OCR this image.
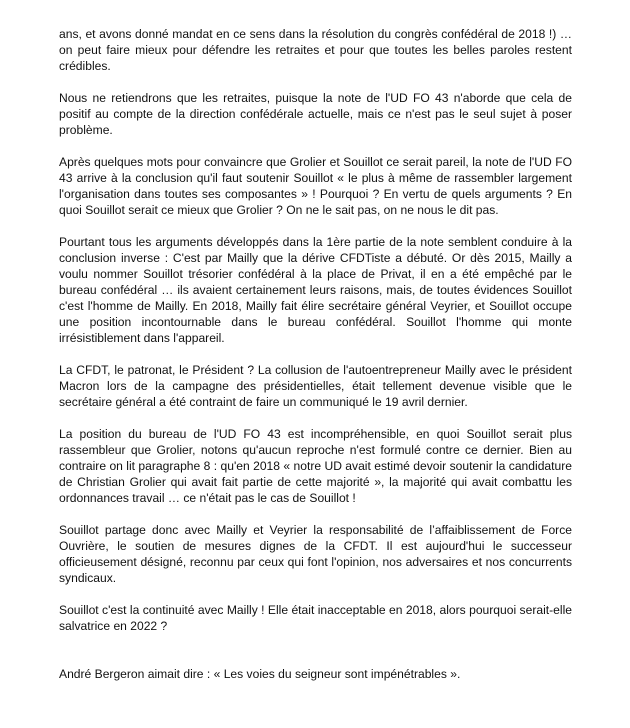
ans, et avons donné mandat en ce sens dans la résolution du congrès confédéral de 2018 !) … on peut faire mieux pour défendre les retraites et pour que toutes les belles paroles restent crédibles.

Nous ne retiendrons que les retraites, puisque la note de l'UD FO 43 n'aborde que cela de positif au compte de la direction confédérale actuelle, mais ce n'est pas le seul sujet à poser problème.

Après quelques mots pour convaincre que Grolier et Souillot ce serait pareil, la note de l'UD FO 43 arrive à la conclusion qu'il faut soutenir Souillot « le plus à même de rassembler largement l'organisation dans toutes ses composantes » ! Pourquoi ? En vertu de quels arguments ? En quoi Souillot serait ce mieux que Grolier ? On ne le sait pas, on ne nous le dit pas.

Pourtant tous les arguments développés dans la 1ère partie de la note semblent conduire à la conclusion inverse : C'est par Mailly que la dérive CFDTiste a débuté. Or dès 2015, Mailly a voulu nommer Souillot trésorier confédéral à la place de Privat, il en a été empêché par le bureau confédéral … ils avaient certainement leurs raisons, mais, de toutes évidences Souillot c'est l'homme de Mailly. En 2018, Mailly fait élire secrétaire général Veyrier, et Souillot occupe une position incontournable dans le bureau confédéral. Souillot l'homme qui monte irrésistiblement dans l'appareil.

La CFDT, le patronat, le Président ? La collusion de l'autoentrepreneur Mailly avec le président Macron lors de la campagne des présidentielles, était tellement devenue visible que le secrétaire général a été contraint de faire un communiqué le 19 avril dernier.

La position du bureau de l'UD FO 43 est incompréhensible, en quoi Souillot serait plus rassembleur que Grolier, notons qu'aucun reproche n'est formulé contre ce dernier. Bien au contraire on lit paragraphe 8 : qu'en 2018 « notre UD avait estimé devoir soutenir la candidature de Christian Grolier qui avait fait partie de cette majorité », la majorité qui avait combattu les ordonnances travail … ce n'était pas le cas de Souillot !

Souillot partage donc avec Mailly et Veyrier la responsabilité de l’affaiblissement de Force Ouvrière, le soutien de mesures dignes de la CFDT. Il est aujourd'hui le successeur officieusement désigné, reconnu par ceux qui font l'opinion, nos adversaires et nos concurrents syndicaux.

Souillot c'est la continuité avec Mailly ! Elle était inacceptable en 2018, alors pourquoi serait-elle salvatrice en 2022 ?

André Bergeron aimait dire : « Les voies du seigneur sont impénétrables ».
